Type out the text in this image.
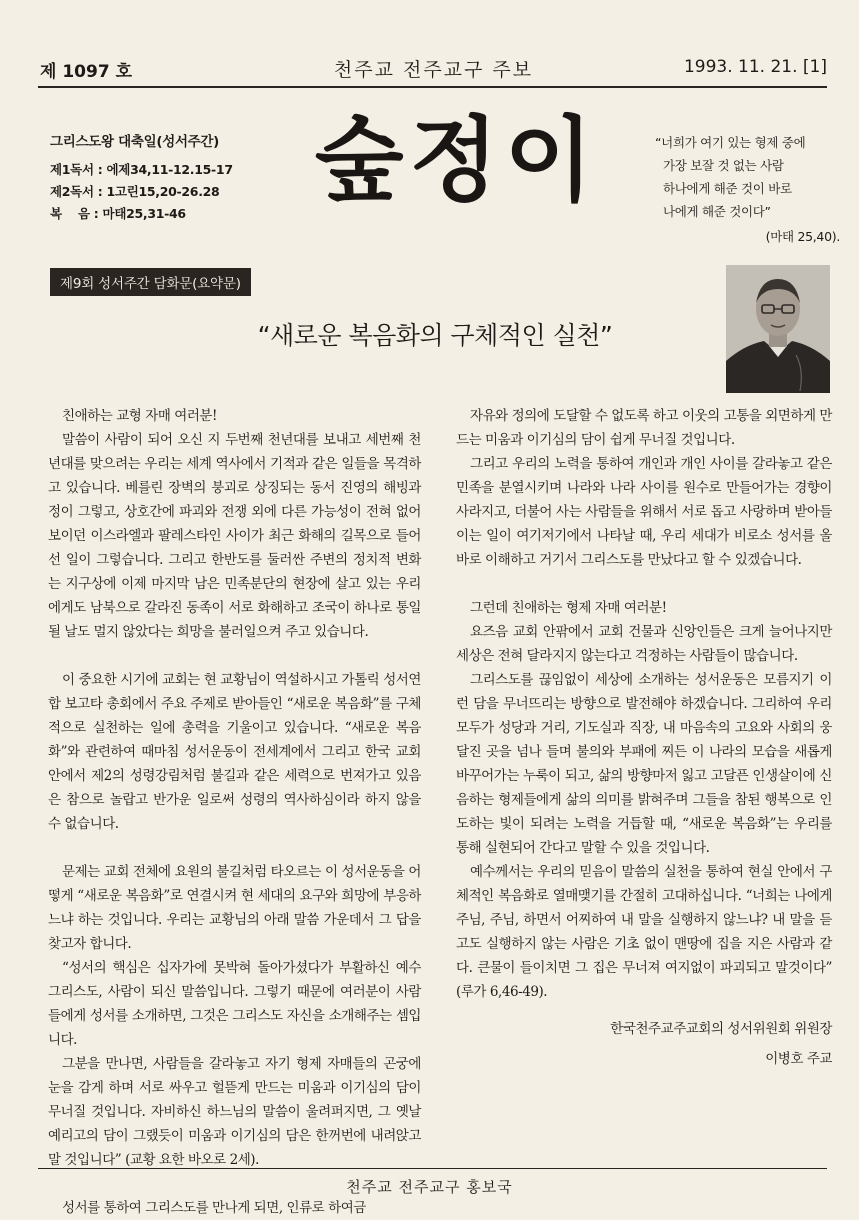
제 1097 호	천주교 전주교구 주보	1993. 11. 21. [1]
그리스도왕 대축일(성서주간)
제1독서 : 에제34,11-12.15-17
제2독서 : 1고린15,20-26.28
복    음 : 마태25,31-46	숲정이	“너희가 여기 있는 형제 중에
가장 보잘 것 없는 사람
하나에게 해준 것이 바로
나에게 해준 것이다”
(마태 25,40).
제9회 성서주간 담화문(요약문)
“새로운 복음화의 구체적인 실천”

친애하는 교형 자매 여러분!

말씀이 사람이 되어 오신 지 두번째 천년대를 보내고 세번째 천년대를 맞으려는 우리는 세계 역사에서 기적과 같은 일들을 목격하고 있습니다. 베를린 장벽의 붕괴로 상징되는 동서 진영의 해빙과정이 그렇고, 상호간에 파괴와 전쟁 외에 다른 가능성이 전혀 없어 보이던 이스라엘과 팔레스타인 사이가 최근 화해의 길목으로 들어선 일이 그렇습니다. 그리고 한반도를 둘러싼 주변의 정치적 변화는 지구상에 이제 마지막 남은 민족분단의 현장에 살고 있는 우리에게도 남북으로 갈라진 동족이 서로 화해하고 조국이 하나로 통일될 날도 멀지 않았다는 희망을 불러일으켜 주고 있습니다.

이 중요한 시기에 교회는 현 교황님이 역설하시고 가톨릭 성서연합 보고타 총회에서 주요 주제로 받아들인 “새로운 복음화”를 구체적으로 실천하는 일에 총력을 기울이고 있습니다. “새로운 복음화”와 관련하여 때마침 성서운동이 전세계에서 그리고 한국 교회 안에서 제2의 성령강림처럼 불길과 같은 세력으로 번져가고 있음은 참으로 놀랍고 반가운 일로써 성령의 역사하심이라 하지 않을 수 없습니다.

문제는 교회 전체에 요원의 불길처럼 타오르는 이 성서운동을 어떻게 “새로운 복음화”로 연결시켜 현 세대의 요구와 희망에 부응하느냐 하는 것입니다. 우리는 교황님의 아래 말씀 가운데서 그 답을 찾고자 합니다.

“성서의 핵심은 십자가에 못박혀 돌아가셨다가 부활하신 예수 그리스도, 사람이 되신 말씀입니다. 그렇기 때문에 여러분이 사람들에게 성서를 소개하면, 그것은 그리스도 자신을 소개해주는 셈입니다.

그분을 만나면, 사람들을 갈라놓고 자기 형제 자매들의 곤궁에 눈을 감게 하며 서로 싸우고 헐뜯게 만드는 미움과 이기심의 담이 무너질 것입니다. 자비하신 하느님의 말씀이 울려퍼지면, 그 옛날 예리고의 담이 그랬듯이 미움과 이기심의 담은 한꺼번에 내려앉고 말 것입니다” (교황 요한 바오로 2세).

성서를 통하여 그리스도를 만나게 되면, 인류로 하여금

자유와 정의에 도달할 수 없도록 하고 이웃의 고통을 외면하게 만드는 미움과 이기심의 담이 쉽게 무너질 것입니다.

그리고 우리의 노력을 통하여 개인과 개인 사이를 갈라놓고 같은 민족을 분열시키며 나라와 나라 사이를 원수로 만들어가는 경향이 사라지고, 더불어 사는 사람들을 위해서 서로 돕고 사랑하며 받아들이는 일이 여기저기에서 나타날 때, 우리 세대가 비로소 성서를 올바로 이해하고 거기서 그리스도를 만났다고 할 수 있겠습니다.

그런데 친애하는 형제 자매 여러분!

요즈음 교회 안팎에서 교회 건물과 신앙인들은 크게 늘어나지만 세상은 전혀 달라지지 않는다고 걱정하는 사람들이 많습니다.

그리스도를 끊임없이 세상에 소개하는 성서운동은 모름지기 이런 담을 무너뜨리는 방향으로 발전해야 하겠습니다. 그리하여 우리 모두가 성당과 거리, 기도실과 직장, 내 마음속의 고요와 사회의 웅달진 곳을 넘나 들며 불의와 부패에 찌든 이 나라의 모습을 새롭게 바꾸어가는 누룩이 되고, 삶의 방향마저 잃고 고달픈 인생살이에 신음하는 형제들에게 삶의 의미를 밝혀주며 그들을 참된 행복으로 인도하는 빛이 되려는 노력을 거듭할 때, “새로운 복음화”는 우리를 통해 실현되어 간다고 말할 수 있을 것입니다.

예수께서는 우리의 믿음이 말씀의 실천을 통하여 현실 안에서 구체적인 복음화로 열매맺기를 간절히 고대하십니다. “너희는 나에게 주님, 주님, 하면서 어찌하여 내 말을 실행하지 않느냐? 내 말을 듣고도 실행하지 않는 사람은 기초 없이 맨땅에 집을 지은 사람과 같다. 큰물이 들이치면 그 집은 무너져 여지없이 파괴되고 말것이다” (루가 6,46-49).

한국천주교주교회의 성서위원회 위원장
이병호 주교
천주교 전주교구 홍보국
